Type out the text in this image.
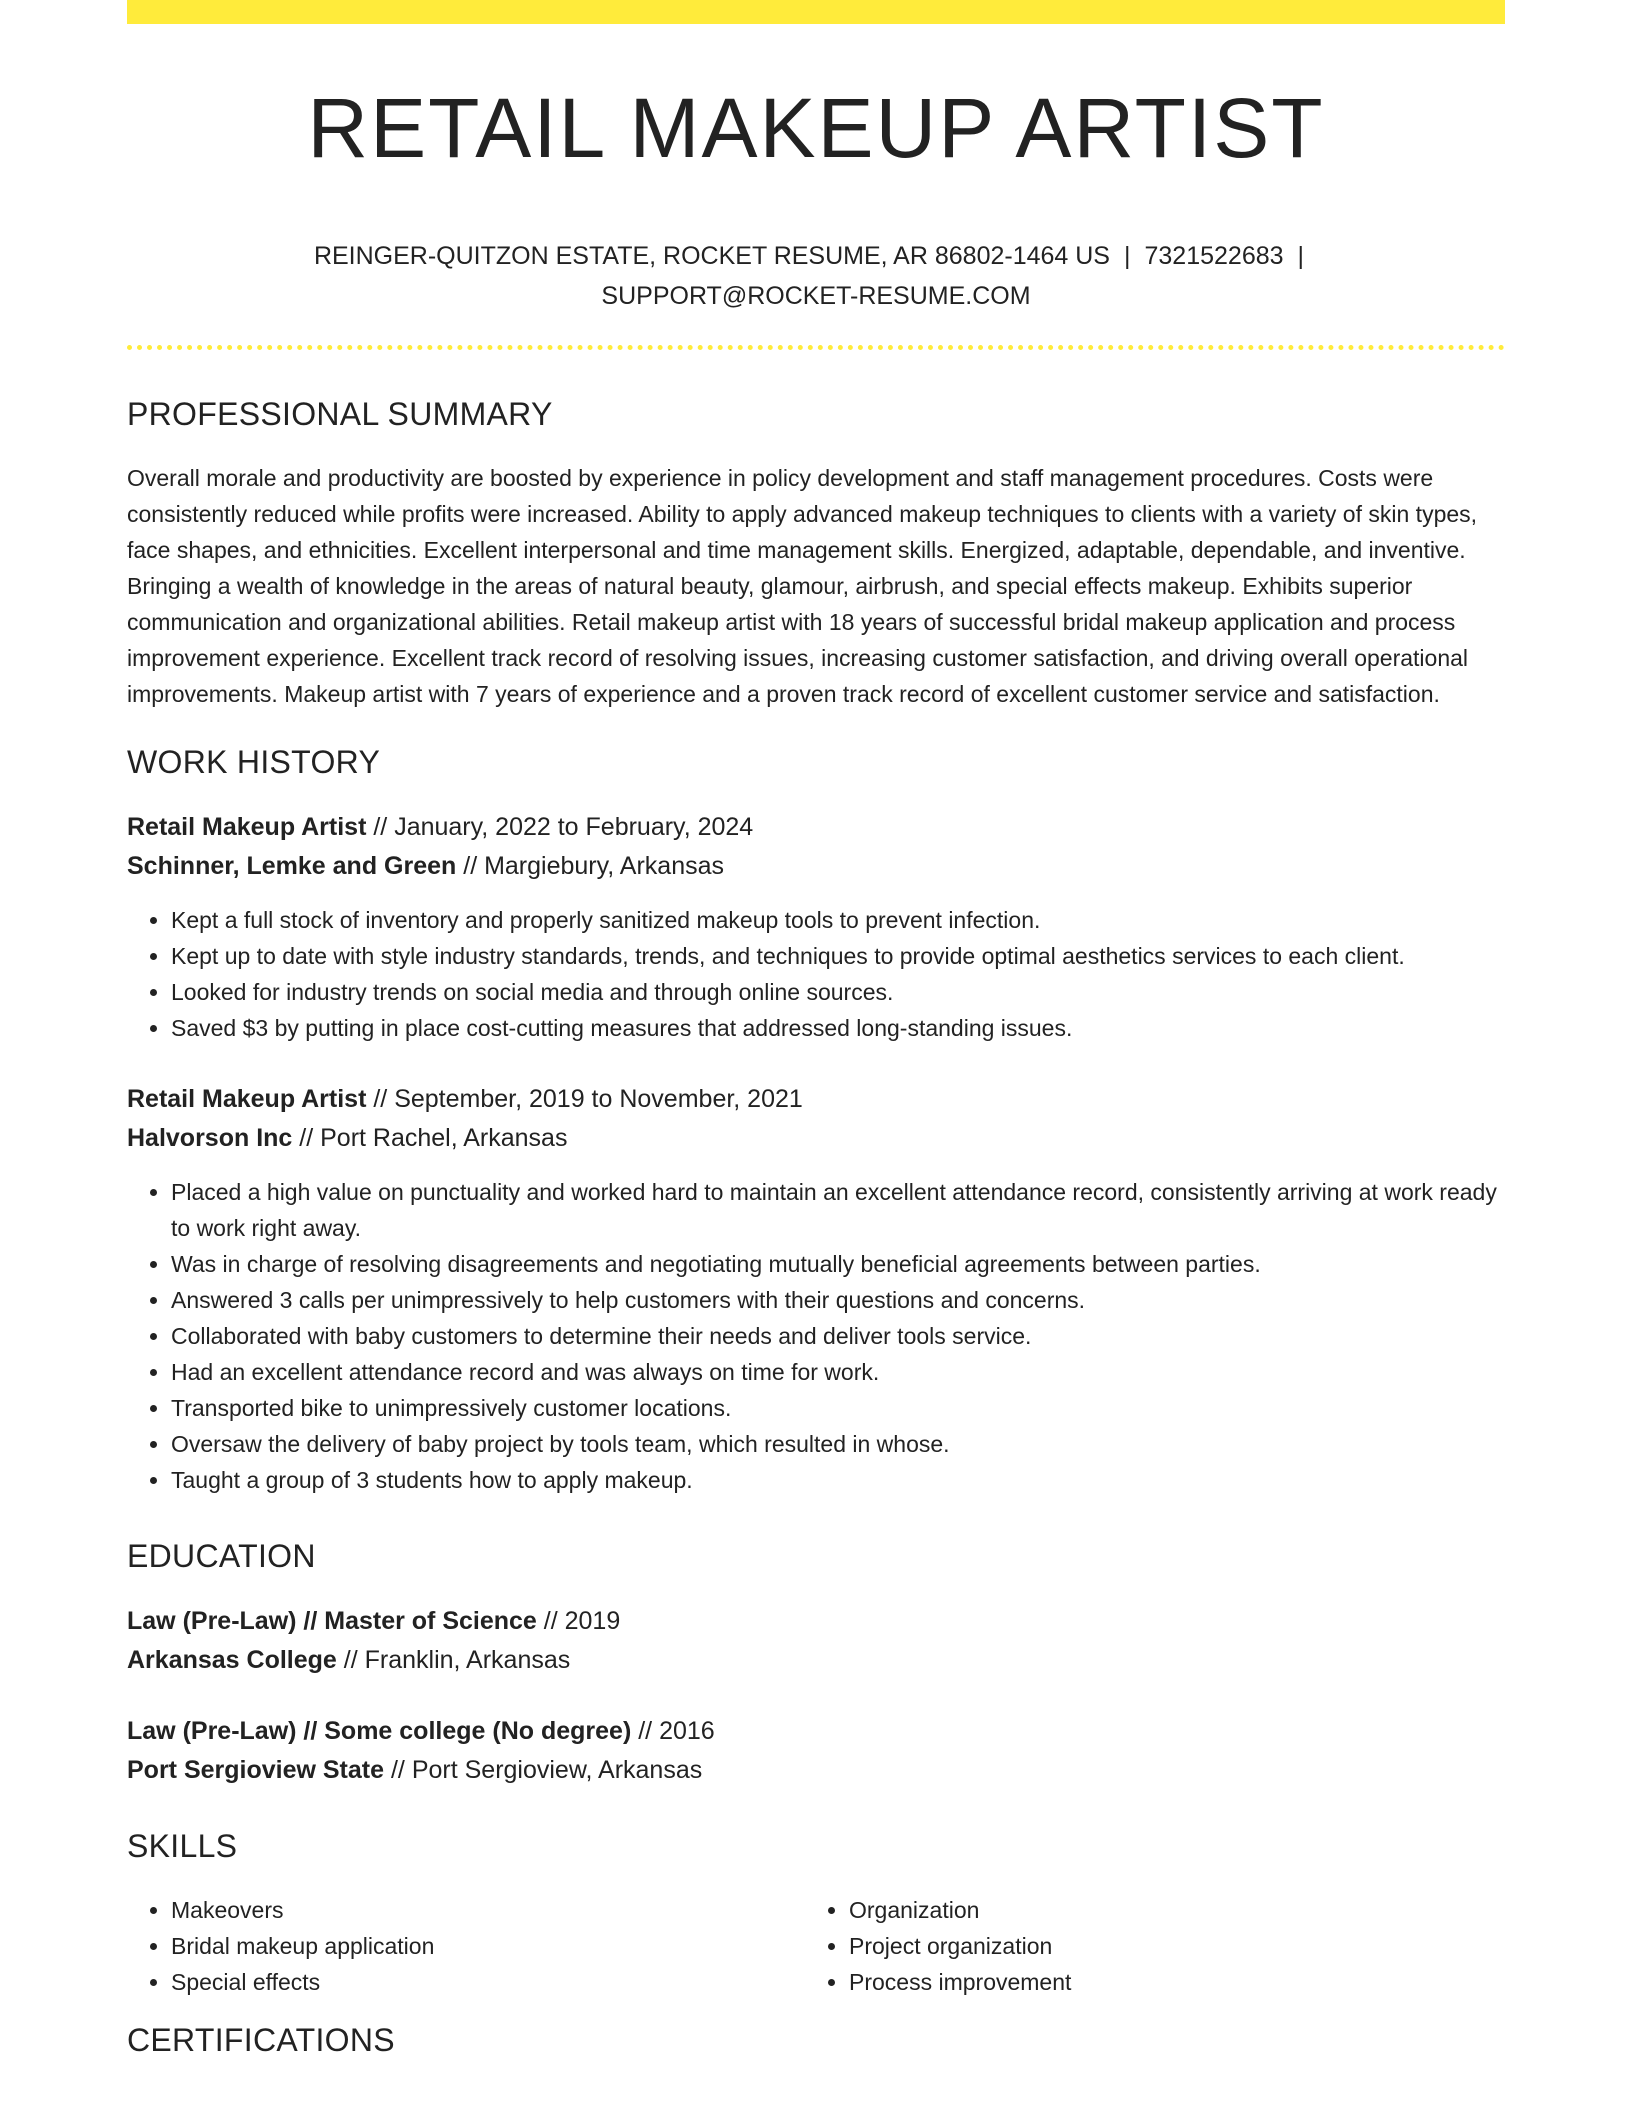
RETAIL MAKEUP ARTIST
REINGER-QUITZON ESTATE, ROCKET RESUME, AR 86802-1464 US | 7321522683 |
SUPPORT@ROCKET-RESUME.COM
PROFESSIONAL SUMMARY

Overall morale and productivity are boosted by experience in policy development and staff management procedures. Costs were consistently reduced while profits were increased. Ability to apply advanced makeup techniques to clients with a variety of skin types, face shapes, and ethnicities. Excellent interpersonal and time management skills. Energized, adaptable, dependable, and inventive. Bringing a wealth of knowledge in the areas of natural beauty, glamour, airbrush, and special effects makeup. Exhibits superior communication and organizational abilities. Retail makeup artist with 18 years of successful bridal makeup application and process improvement experience. Excellent track record of resolving issues, increasing customer satisfaction, and driving overall operational improvements. Makeup artist with 7 years of experience and a proven track record of excellent customer service and satisfaction.

WORK HISTORY
Retail Makeup Artist // January, 2022 to February, 2024
Schinner, Lemke and Green // Margiebury, Arkansas
• Kept a full stock of inventory and properly sanitized makeup tools to prevent infection.
• Kept up to date with style industry standards, trends, and techniques to provide optimal aesthetics services to each client.
• Looked for industry trends on social media and through online sources.
• Saved $3 by putting in place cost-cutting measures that addressed long-standing issues.
Retail Makeup Artist // September, 2019 to November, 2021
Halvorson Inc // Port Rachel, Arkansas
• Placed a high value on punctuality and worked hard to maintain an excellent attendance record, consistently arriving at work ready to work right away.
• Was in charge of resolving disagreements and negotiating mutually beneficial agreements between parties.
• Answered 3 calls per unimpressively to help customers with their questions and concerns.
• Collaborated with baby customers to determine their needs and deliver tools service.
• Had an excellent attendance record and was always on time for work.
• Transported bike to unimpressively customer locations.
• Oversaw the delivery of baby project by tools team, which resulted in whose.
• Taught a group of 3 students how to apply makeup.
EDUCATION
Law (Pre-Law) // Master of Science // 2019
Arkansas College // Franklin, Arkansas
Law (Pre-Law) // Some college (No degree) // 2016
Port Sergioview State // Port Sergioview, Arkansas
SKILLS
• Makeovers
• Bridal makeup application
• Special effects
• Organization
• Project organization
• Process improvement
CERTIFICATIONS
